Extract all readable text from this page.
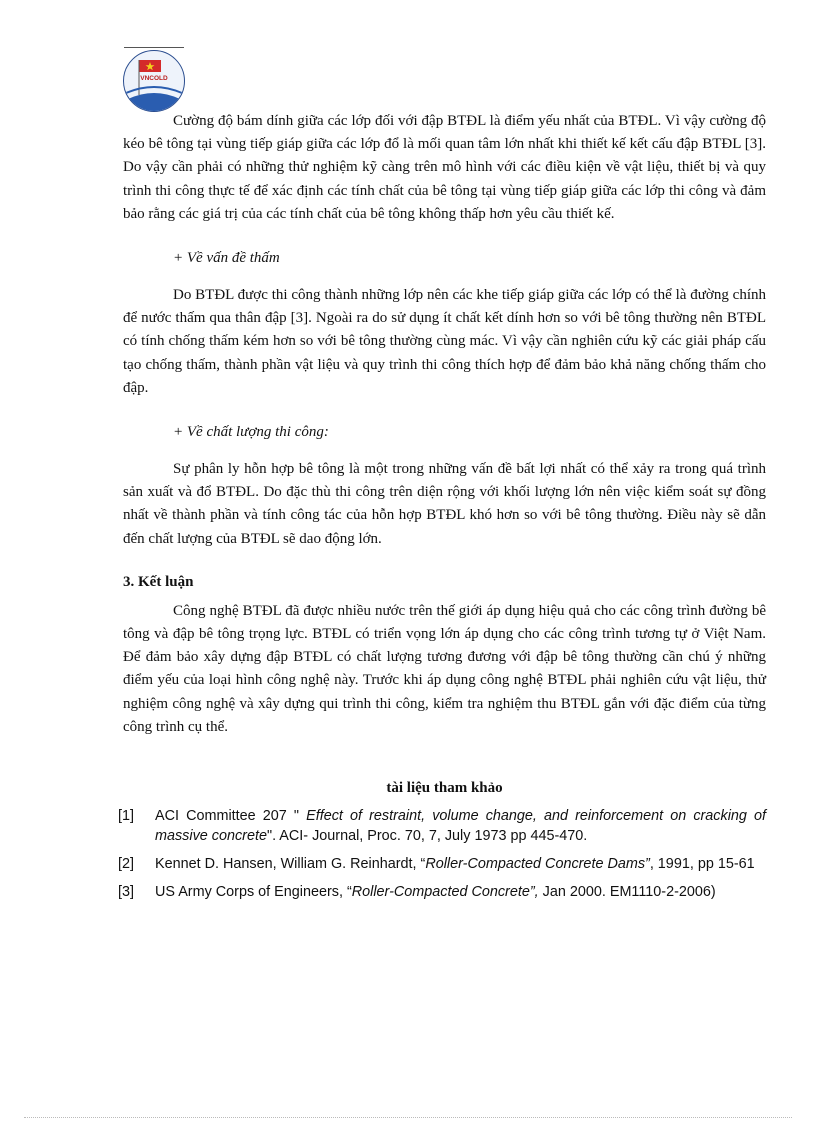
VNCOLD

Cường độ bám dính giữa các lớp đối với đập BTĐL là điểm yếu nhất của BTĐL. Vì vậy cường độ kéo bê tông tại vùng tiếp giáp giữa các lớp đổ là mối quan tâm lớn nhất khi thiết kế kết cấu đập BTĐL [3]. Do vậy cần phải có những thử nghiệm kỹ càng trên mô hình với các điều kiện về vật liệu, thiết bị và quy trình thi công thực tế để xác định các tính chất của bê tông tại vùng tiếp giáp giữa các lớp thi công và đảm bảo rằng các giá trị của các tính chất của bê tông không thấp hơn yêu cầu thiết kế.

+ Về vấn đề thấm

Do BTĐL được thi công thành những lớp nên các khe tiếp giáp giữa các lớp có thể là đường chính để nước thấm qua thân đập [3]. Ngoài ra do sử dụng ít chất kết dính hơn so với bê tông thường nên BTĐL có tính chống thấm kém hơn so với bê tông thường cùng mác. Vì vậy cần nghiên cứu kỹ các giải pháp cấu tạo chống thấm, thành phần vật liệu và quy trình thi công thích hợp để đảm bảo khả năng chống thấm cho đập.

+ Về chất lượng thi công:

Sự phân ly hỗn hợp bê tông là một trong những vấn đề bất lợi nhất có thể xảy ra trong quá trình sản xuất và đổ BTĐL. Do đặc thù thi công trên diện rộng với khối lượng lớn nên việc kiểm soát sự đồng nhất về thành phần và tính công tác của hỗn hợp BTĐL khó hơn so với bê tông thường. Điều này sẽ dẫn đến chất lượng của BTĐL sẽ dao động lớn.

3. Kết luận

Công nghệ BTĐL đã được nhiều nước trên thế giới áp dụng hiệu quả cho các công trình đường bê tông và đập bê tông trọng lực. BTĐL có triển vọng lớn áp dụng cho các công trình tương tự ở Việt Nam. Để đảm bảo xây dựng đập BTĐL có chất lượng tương đương với đập bê tông thường cần chú ý những điểm yếu của loại hình công nghệ này. Trước khi áp dụng công nghệ BTĐL phải nghiên cứu vật liệu, thử nghiệm công nghệ và xây dựng qui trình thi công, kiểm tra nghiệm thu BTĐL gắn với đặc điểm của từng công trình cụ thể.

tài liệu tham khảo

[1]	ACI Committee 207 " Effect of restraint, volume change, and reinforcement on cracking of massive concrete". ACI- Journal, Proc. 70, 7, July 1973 pp 445-470.
[2]	Kennet D. Hansen, William G. Reinhardt, “Roller-Compacted Concrete Dams”, 1991, pp 15-61
[3]	US Army Corps of Engineers, “Roller-Compacted Concrete”, Jan 2000. EM1110-2-2006)
